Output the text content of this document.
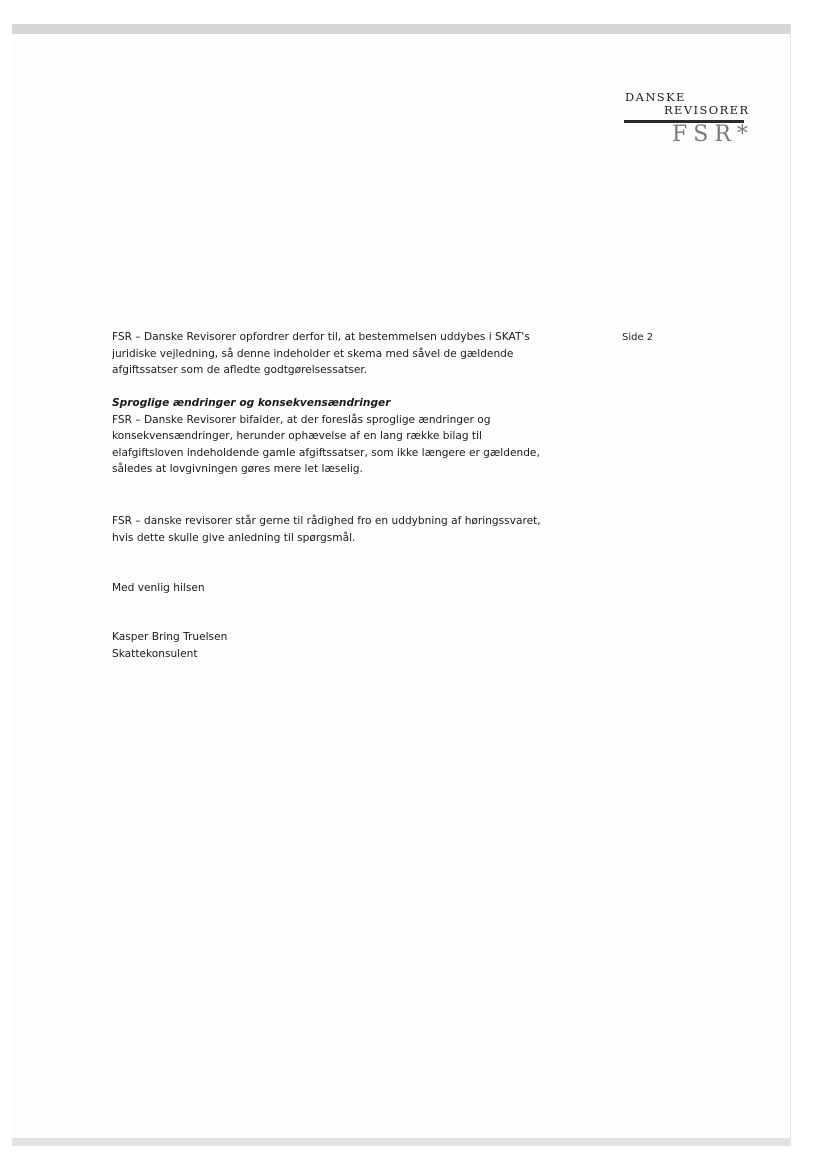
DANSKE
REVISORER
FSR*
Side 2

FSR – Danske Revisorer opfordrer derfor til, at bestemmelsen uddybes i SKAT's

juridiske vejledning, så denne indeholder et skema med såvel de gældende

afgiftssatser som de afledte godtgørelsessatser.

Sproglige ændringer og konsekvensændringer

FSR – Danske Revisorer bifalder, at der foreslås sproglige ændringer og

konsekvensændringer, herunder ophævelse af en lang række bilag til

elafgiftsloven indeholdende gamle afgiftssatser, som ikke længere er gældende,

således at lovgivningen gøres mere let læselig.

FSR – danske revisorer står gerne til rådighed fro en uddybning af høringssvaret,

hvis dette skulle give anledning til spørgsmål.

Med venlig hilsen

Kasper Bring Truelsen

Skattekonsulent
